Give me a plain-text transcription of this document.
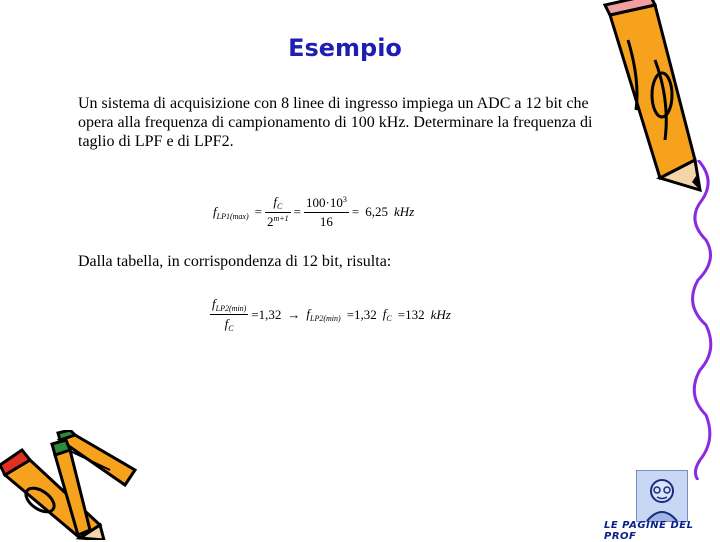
Esempio
Un sistema di acquisizione con 8 linee di ingresso impiega un ADC a 12 bit che opera alla frequenza di campionamento di 100 kHz. Determinare la frequenza di taglio di LPF e di LPF2.
$f_{LP1(max)} = \frac{f_C}{2^{m+1}} = \frac{100\cdot 10^3}{16} = 6,25$ kHz
Dalla tabella, in corrispondenza di 12 bit, risulta:
$\frac{f_{LP2(min)}}{f_C} =1,32 \to f_{LP2(min)} =1,32$ $f_C =132$ kHz
LE PAGINE DEL PROF
